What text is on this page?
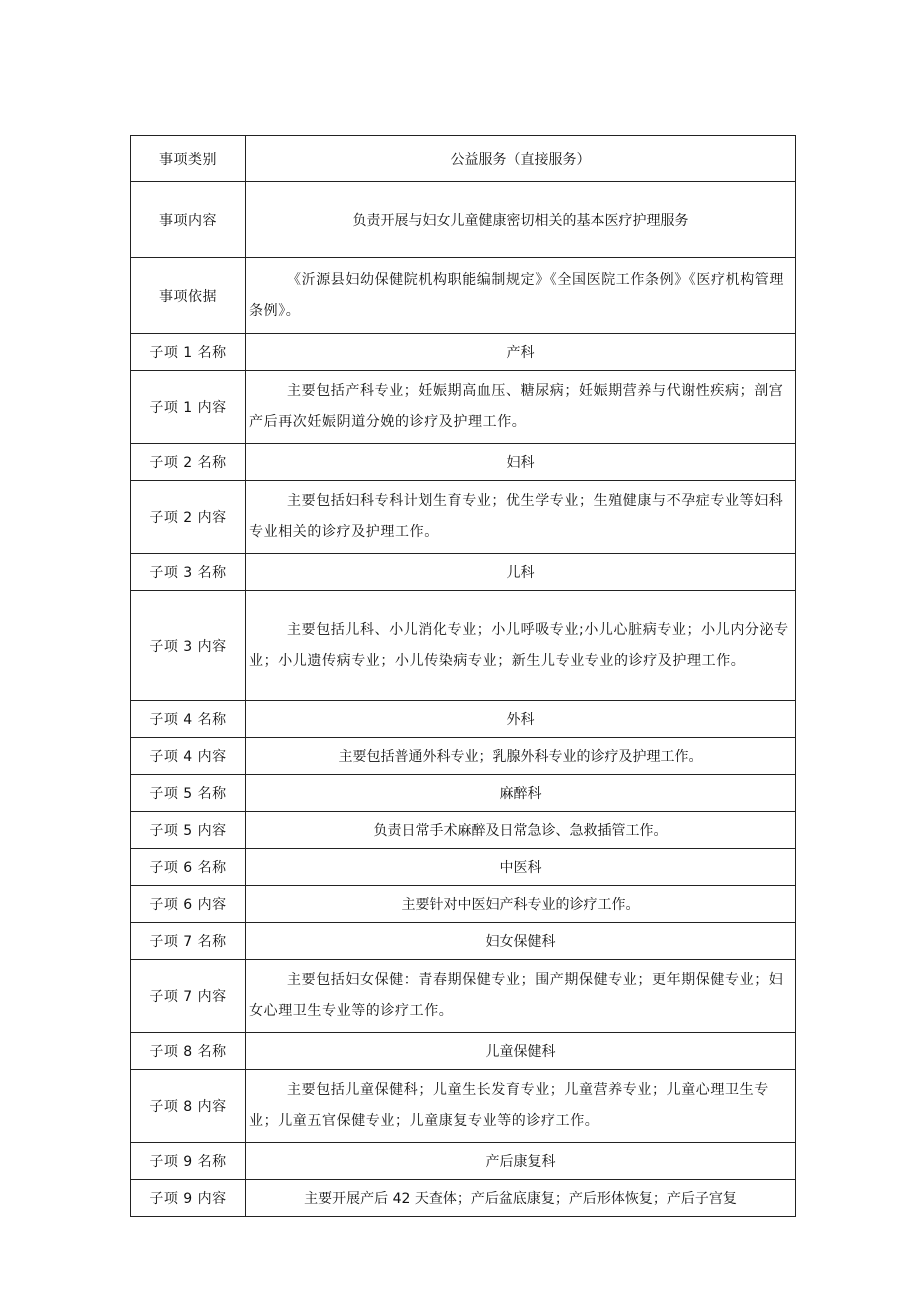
事项类别	公益服务（直接服务）
事项内容	负责开展与妇女儿童健康密切相关的基本医疗护理服务
事项依据	《沂源县妇幼保健院机构职能编制规定》《全国医院工作条例》《医疗机构管理条例》。
子项 1 名称	产科
子项 1 内容	主要包括产科专业；妊娠期高血压、糖尿病；妊娠期营养与代谢性疾病；剖宫产后再次妊娠阴道分娩的诊疗及护理工作。
子项 2 名称	妇科
子项 2 内容	主要包括妇科专科计划生育专业；优生学专业；生殖健康与不孕症专业等妇科专业相关的诊疗及护理工作。
子项 3 名称	儿科
子项 3 内容	主要包括儿科、小儿消化专业；小儿呼吸专业;小儿心脏病专业；小儿内分泌专业；小儿遗传病专业；小儿传染病专业；新生儿专业专业的诊疗及护理工作。
子项 4 名称	外科
子项 4 内容	主要包括普通外科专业；乳腺外科专业的诊疗及护理工作。
子项 5 名称	麻醉科
子项 5 内容	负责日常手术麻醉及日常急诊、急救插管工作。
子项 6 名称	中医科
子项 6 内容	主要针对中医妇产科专业的诊疗工作。
子项 7 名称	妇女保健科
子项 7 内容	主要包括妇女保健：青春期保健专业；围产期保健专业；更年期保健专业；妇女心理卫生专业等的诊疗工作。
子项 8 名称	儿童保健科
子项 8 内容	主要包括儿童保健科；儿童生长发育专业；儿童营养专业；儿童心理卫生专业；儿童五官保健专业；儿童康复专业等的诊疗工作。
子项 9 名称	产后康复科
子项 9 内容	主要开展产后 42 天查体；产后盆底康复；产后形体恢复；产后子宫复
